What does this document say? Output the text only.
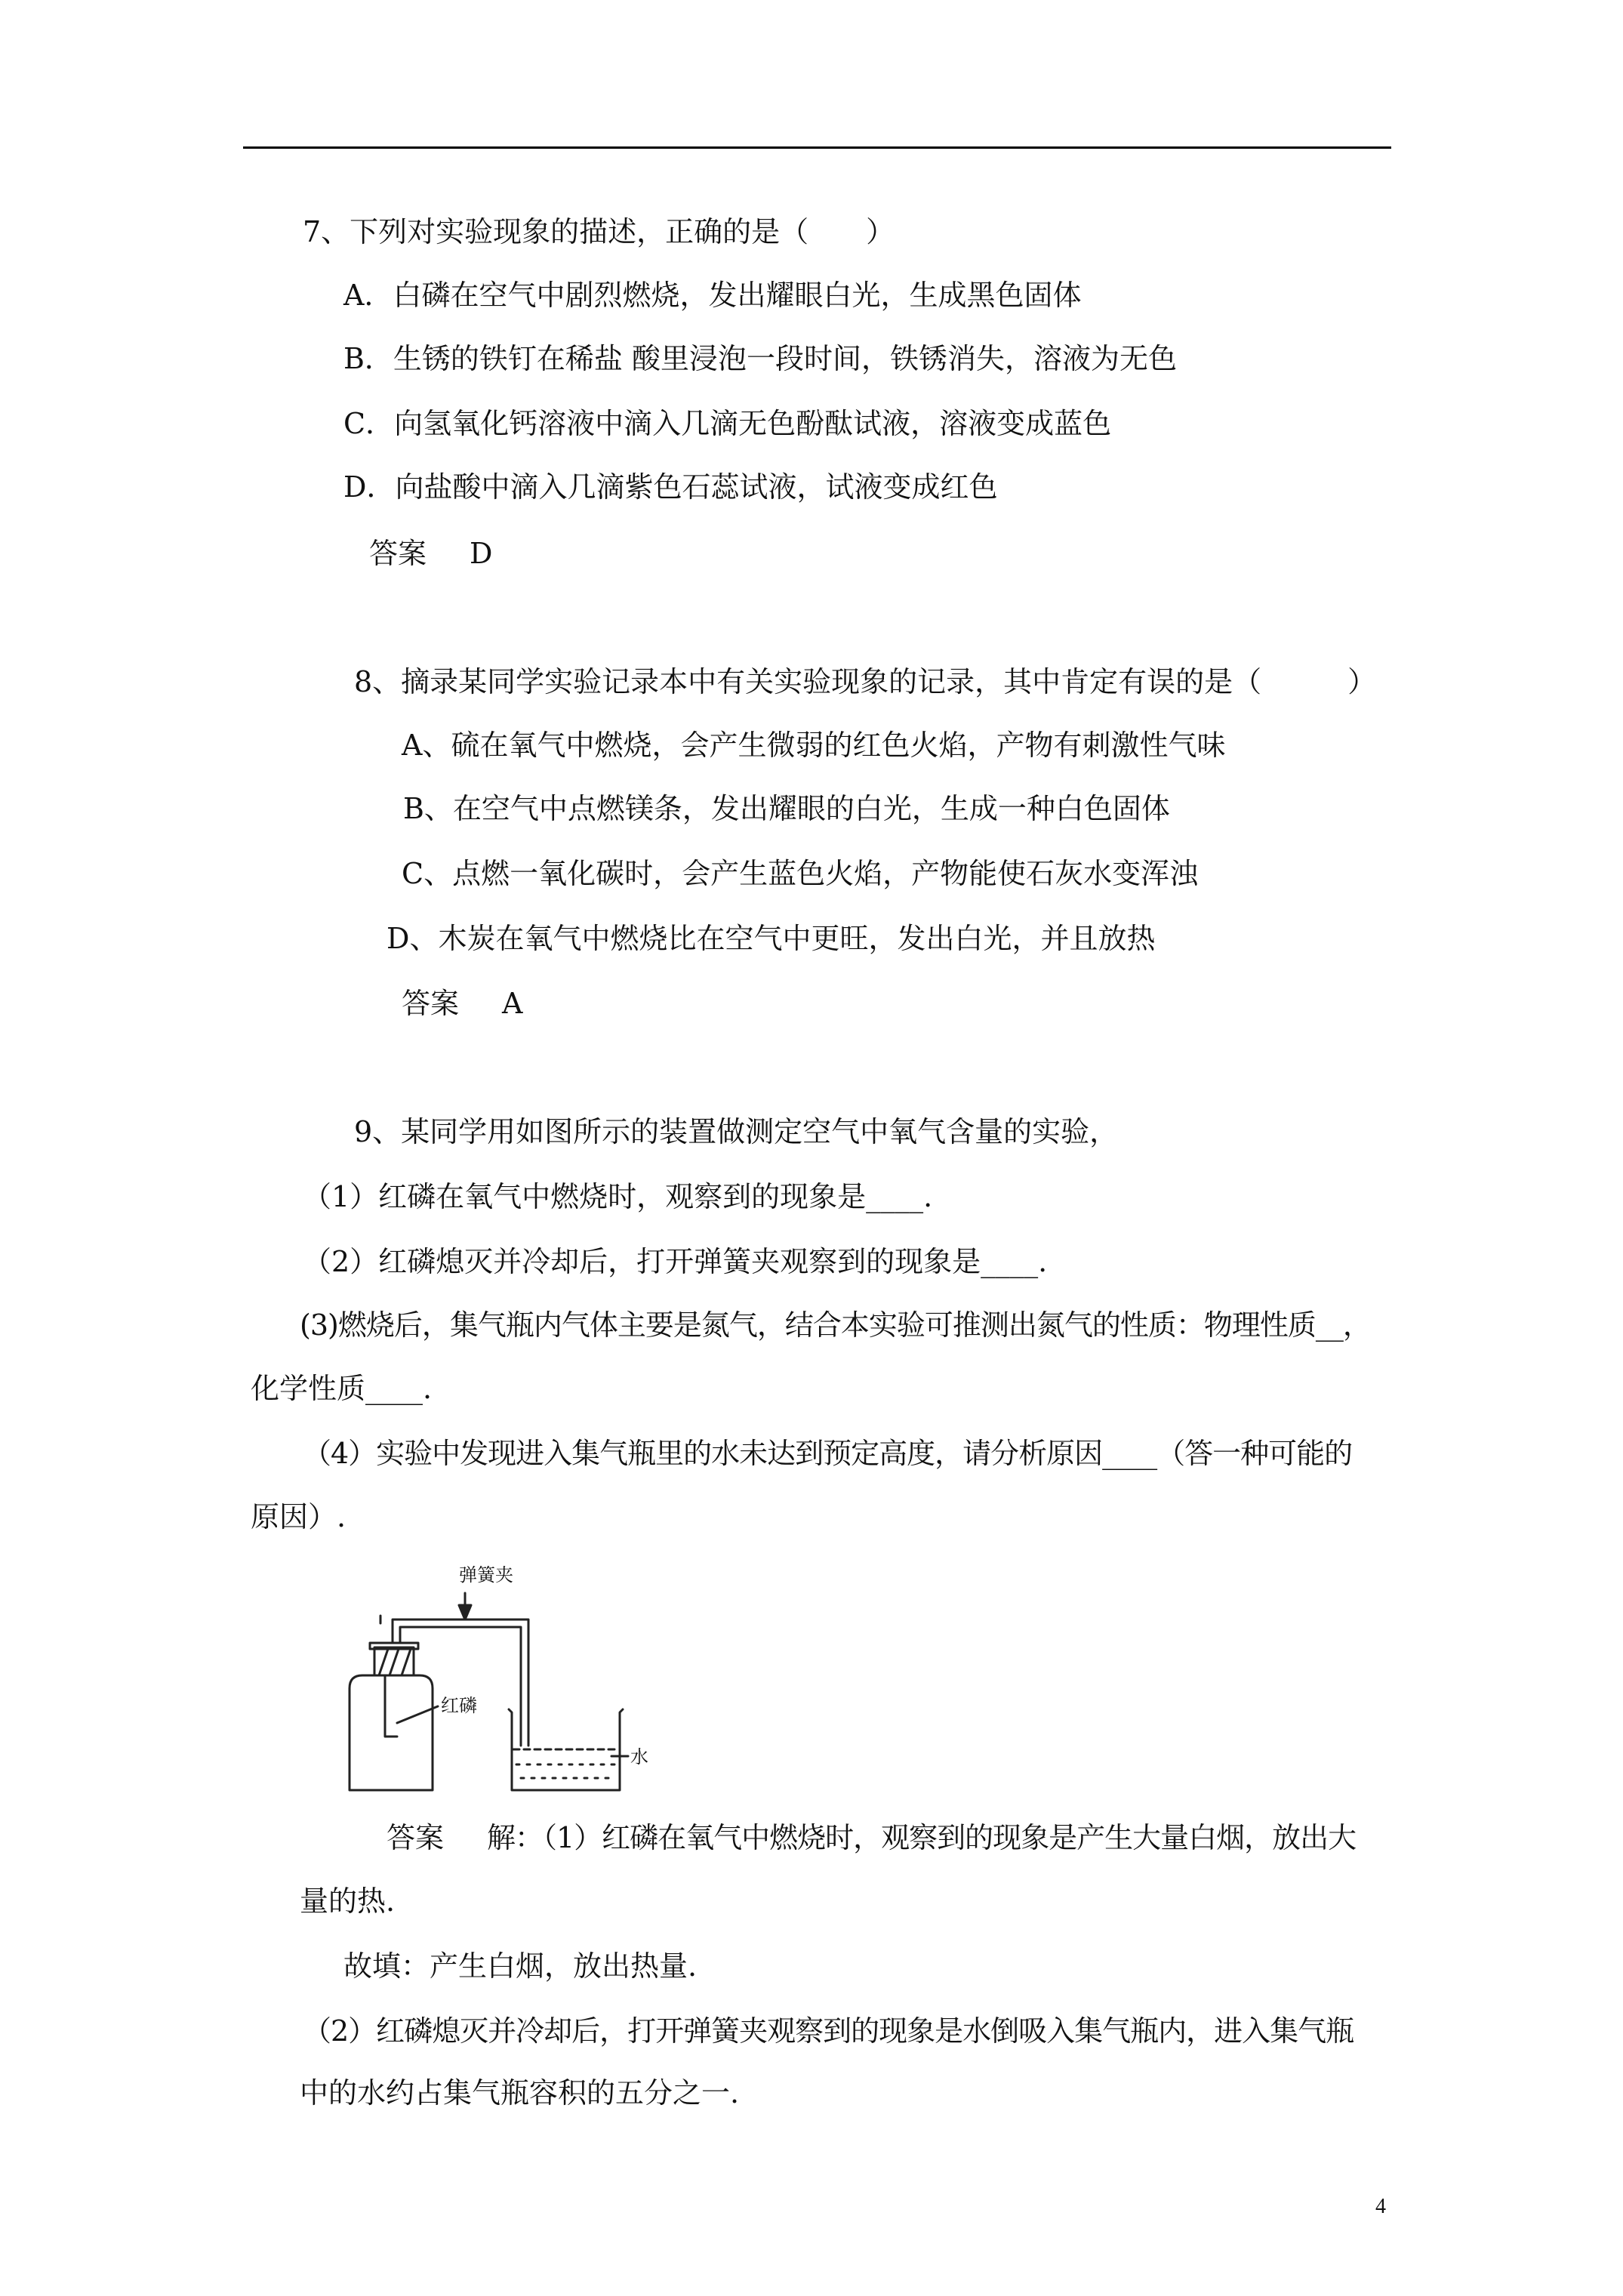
7、下列对实验现象的描述，正确的是（　　）
A．白磷在空气中剧烈燃烧，发出耀眼白光，生成黑色固体
B．生锈的铁钉在稀盐 酸里浸泡一段时间，铁锈消失，溶液为无色
C．向氢氧化钙溶液中滴入几滴无色酚酞试液，溶液变成蓝色
D．向盐酸中滴入几滴紫色石蕊试液，试液变成红色
答案 D
8、摘录某同学实验记录本中有关实验现象的记录，其中肯定有误的是（　　　）
A、硫在氧气中燃烧，会产生微弱的红色火焰，产物有刺激性气味
B、在空气中点燃镁条，发出耀眼的白光，生成一种白色固体
C、点燃一氧化碳时，会产生蓝色火焰，产物能使石灰水变浑浊
D、木炭在氧气中燃烧比在空气中更旺，发出白光，并且放热
答案 A
9、某同学用如图所示的装置做测定空气中氧气含量的实验，
（1）红磷在氧气中燃烧时，观察到的现象是____.
（2）红磷熄灭并冷却后，打开弹簧夹观察到的现象是____.
(3)燃烧后，集气瓶内气体主要是氮气，结合本实验可推测出氮气的性质：物理性质__，
化学性质____.
（4）实验中发现进入集气瓶里的水未达到预定高度，请分析原因____（答一种可能的
原因）.
弹簧夹
红磷
水
答案 解：（1）红磷在氧气中燃烧时，观察到的现象是产生大量白烟，放出大
量的热.
故填：产生白烟，放出热量.
（2）红磷熄灭并冷却后，打开弹簧夹观察到的现象是水倒吸入集气瓶内，进入集气瓶
中的水约占集气瓶容积的五分之一.
4
